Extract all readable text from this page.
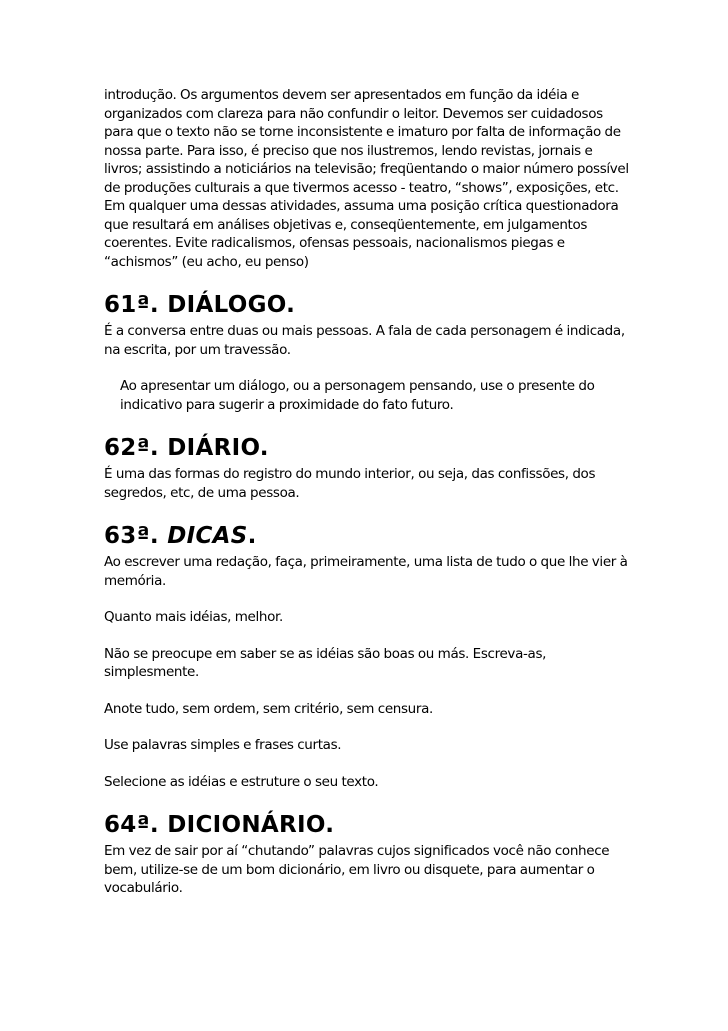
introdução. Os argumentos devem ser apresentados em função da idéia e organizados com clareza para não confundir o leitor. Devemos ser cuidadosos para que o texto não se torne inconsistente e imaturo por falta de informação de nossa parte. Para isso, é preciso que nos ilustremos, lendo revistas, jornais e livros; assistindo a noticiários na televisão; freqüentando o maior número possível de produções culturais a que tivermos acesso - teatro, “shows”, exposições, etc. Em qualquer uma dessas atividades, assuma uma posição crítica questionadora que resultará em análises objetivas e, conseqüentemente, em julgamentos coerentes. Evite radicalismos, ofensas pessoais, nacionalismos piegas e “achismos” (eu acho, eu penso)

61ª. DIÁLOGO.

É a conversa entre duas ou mais pessoas. A fala de cada personagem é indicada, na escrita, por um travessão.

Ao apresentar um diálogo, ou a personagem pensando, use o presente do indicativo para sugerir a proximidade do fato futuro.

62ª. DIÁRIO.

É uma das formas do registro do mundo interior, ou seja, das confissões, dos segredos, etc, de uma pessoa.

63ª. DICAS.

Ao escrever uma redação, faça, primeiramente, uma lista de tudo o que lhe vier à memória.

Quanto mais idéias, melhor.

Não se preocupe em saber se as idéias são boas ou más. Escreva-as, simplesmente.

Anote tudo, sem ordem, sem critério, sem censura.

Use palavras simples e frases curtas.

Selecione as idéias e estruture o seu texto.

64ª. DICIONÁRIO.

Em vez de sair por aí “chutando” palavras cujos significados você não conhece bem, utilize-se de um bom dicionário, em livro ou disquete, para aumentar o vocabulário.
